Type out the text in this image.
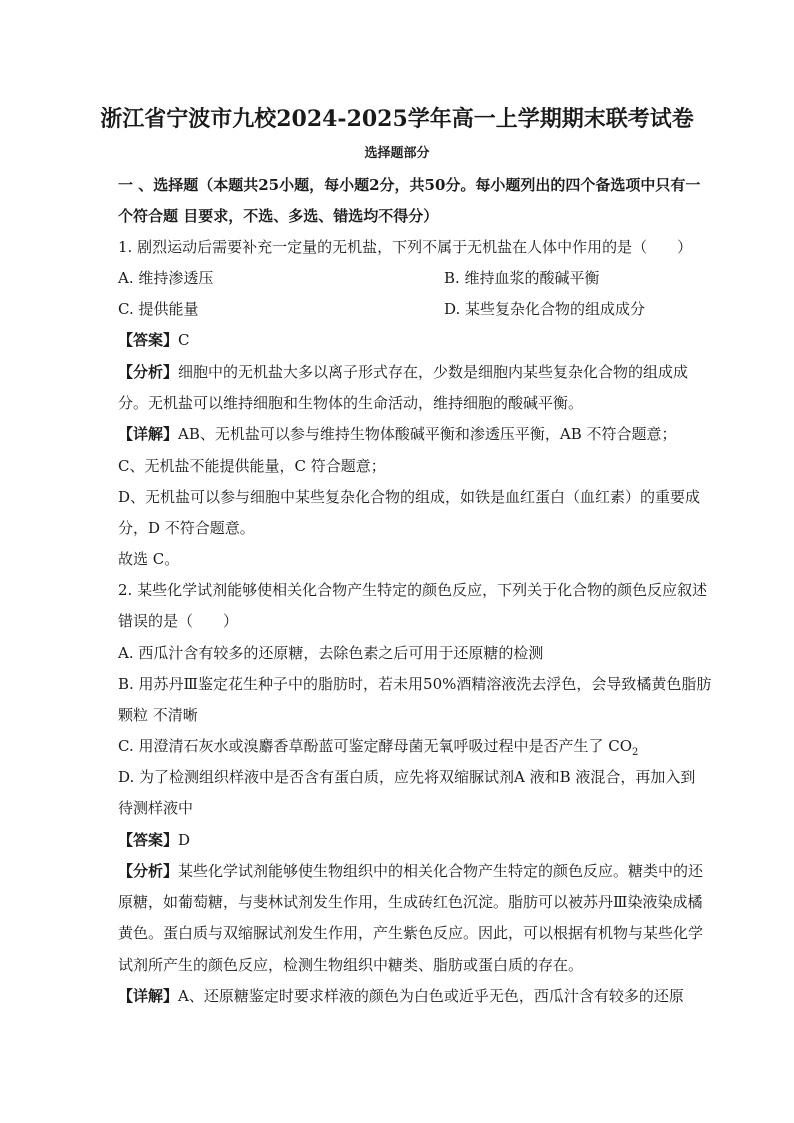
浙江省宁波市九校2024-2025学年高一上学期期末联考试卷
选择题部分
一 、选择题（本题共25小题，每小题2分，共50分。每小题列出的四个备选项中只有一
个符合题 目要求，不选、多选、错选均不得分）
1. 剧烈运动后需要补充一定量的无机盐，下列不属于无机盐在人体中作用的是（　　）
A. 维持渗透压	B. 维持血浆的酸碱平衡
C. 提供能量	D. 某些复杂化合物的组成成分
【答案】C
【分析】细胞中的无机盐大多以离子形式存在，少数是细胞内某些复杂化合物的组成成
分。无机盐可以维持细胞和生物体的生命活动，维持细胞的酸碱平衡。
【详解】AB、无机盐可以参与维持生物体酸碱平衡和渗透压平衡，AB 不符合题意；
C、无机盐不能提供能量，C 符合题意；
D、无机盐可以参与细胞中某些复杂化合物的组成，如铁是血红蛋白（血红素）的重要成
分，D 不符合题意。
故选 C。
2. 某些化学试剂能够使相关化合物产生特定的颜色反应，下列关于化合物的颜色反应叙述
错误的是（　　）
A. 西瓜汁含有较多的还原糖，去除色素之后可用于还原糖的检测
B. 用苏丹Ⅲ鉴定花生种子中的脂肪时，若未用50%酒精溶液洗去浮色，会导致橘黄色脂肪
颗粒 不清晰
C. 用澄清石灰水或溴麝香草酚蓝可鉴定酵母菌无氧呼吸过程中是否产生了 $CO_2$
D. 为了检测组织样液中是否含有蛋白质，应先将双缩脲试剂A 液和B 液混合，再加入到
待测样液中
【答案】D
【分析】某些化学试剂能够使生物组织中的相关化合物产生特定的颜色反应。糖类中的还
原糖，如葡萄糖，与斐林试剂发生作用，生成砖红色沉淀。脂肪可以被苏丹Ⅲ染液染成橘
黄色。蛋白质与双缩脲试剂发生作用，产生紫色反应。因此，可以根据有机物与某些化学
试剂所产生的颜色反应，检测生物组织中糖类、脂肪或蛋白质的存在。
【详解】A、还原糖鉴定时要求样液的颜色为白色或近乎无色，西瓜汁含有较多的还原
